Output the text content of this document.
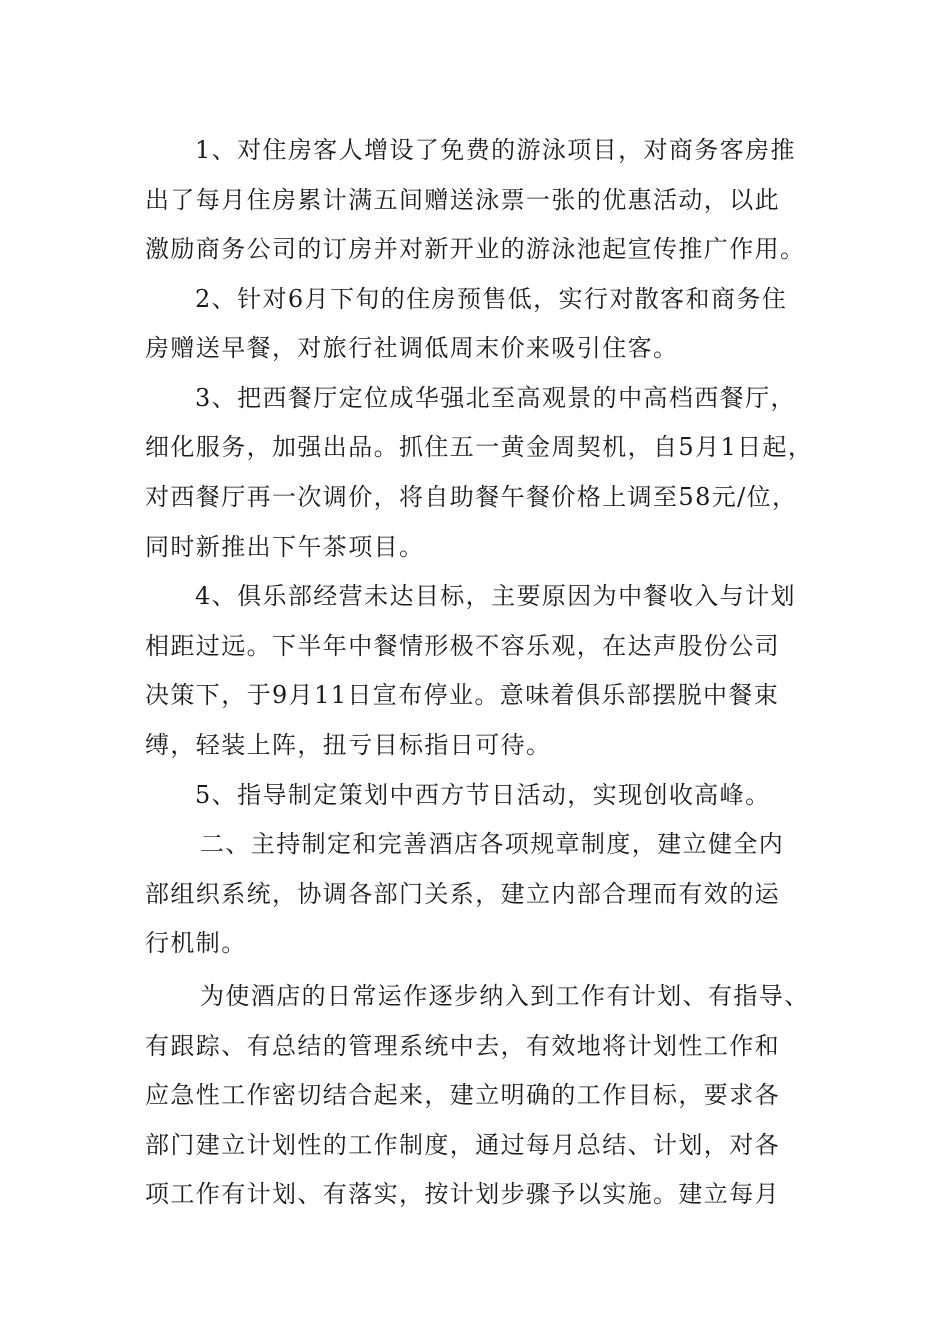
1、对住房客人增设了免费的游泳项目，对商务客房推
出了每月住房累计满五间赠送泳票一张的优惠活动，以此
激励商务公司的订房并对新开业的游泳池起宣传推广作用。
2、针对6月下旬的住房预售低，实行对散客和商务住
房赠送早餐，对旅行社调低周末价来吸引住客。
3、把西餐厅定位成华强北至高观景的中高档西餐厅，
细化服务，加强出品。抓住五一黄金周契机，自5月1日起，
对西餐厅再一次调价，将自助餐午餐价格上调至58元/位，
同时新推出下午茶项目。
4、俱乐部经营未达目标，主要原因为中餐收入与计划
相距过远。下半年中餐情形极不容乐观，在达声股份公司
决策下，于9月11日宣布停业。意味着俱乐部摆脱中餐束
缚，轻装上阵，扭亏目标指日可待。
5、指导制定策划中西方节日活动，实现创收高峰。
二、主持制定和完善酒店各项规章制度，建立健全内
部组织系统，协调各部门关系，建立内部合理而有效的运
行机制。
为使酒店的日常运作逐步纳入到工作有计划、有指导、
有跟踪、有总结的管理系统中去，有效地将计划性工作和
应急性工作密切结合起来，建立明确的工作目标，要求各
部门建立计划性的工作制度，通过每月总结、计划，对各
项工作有计划、有落实，按计划步骤予以实施。建立每月
